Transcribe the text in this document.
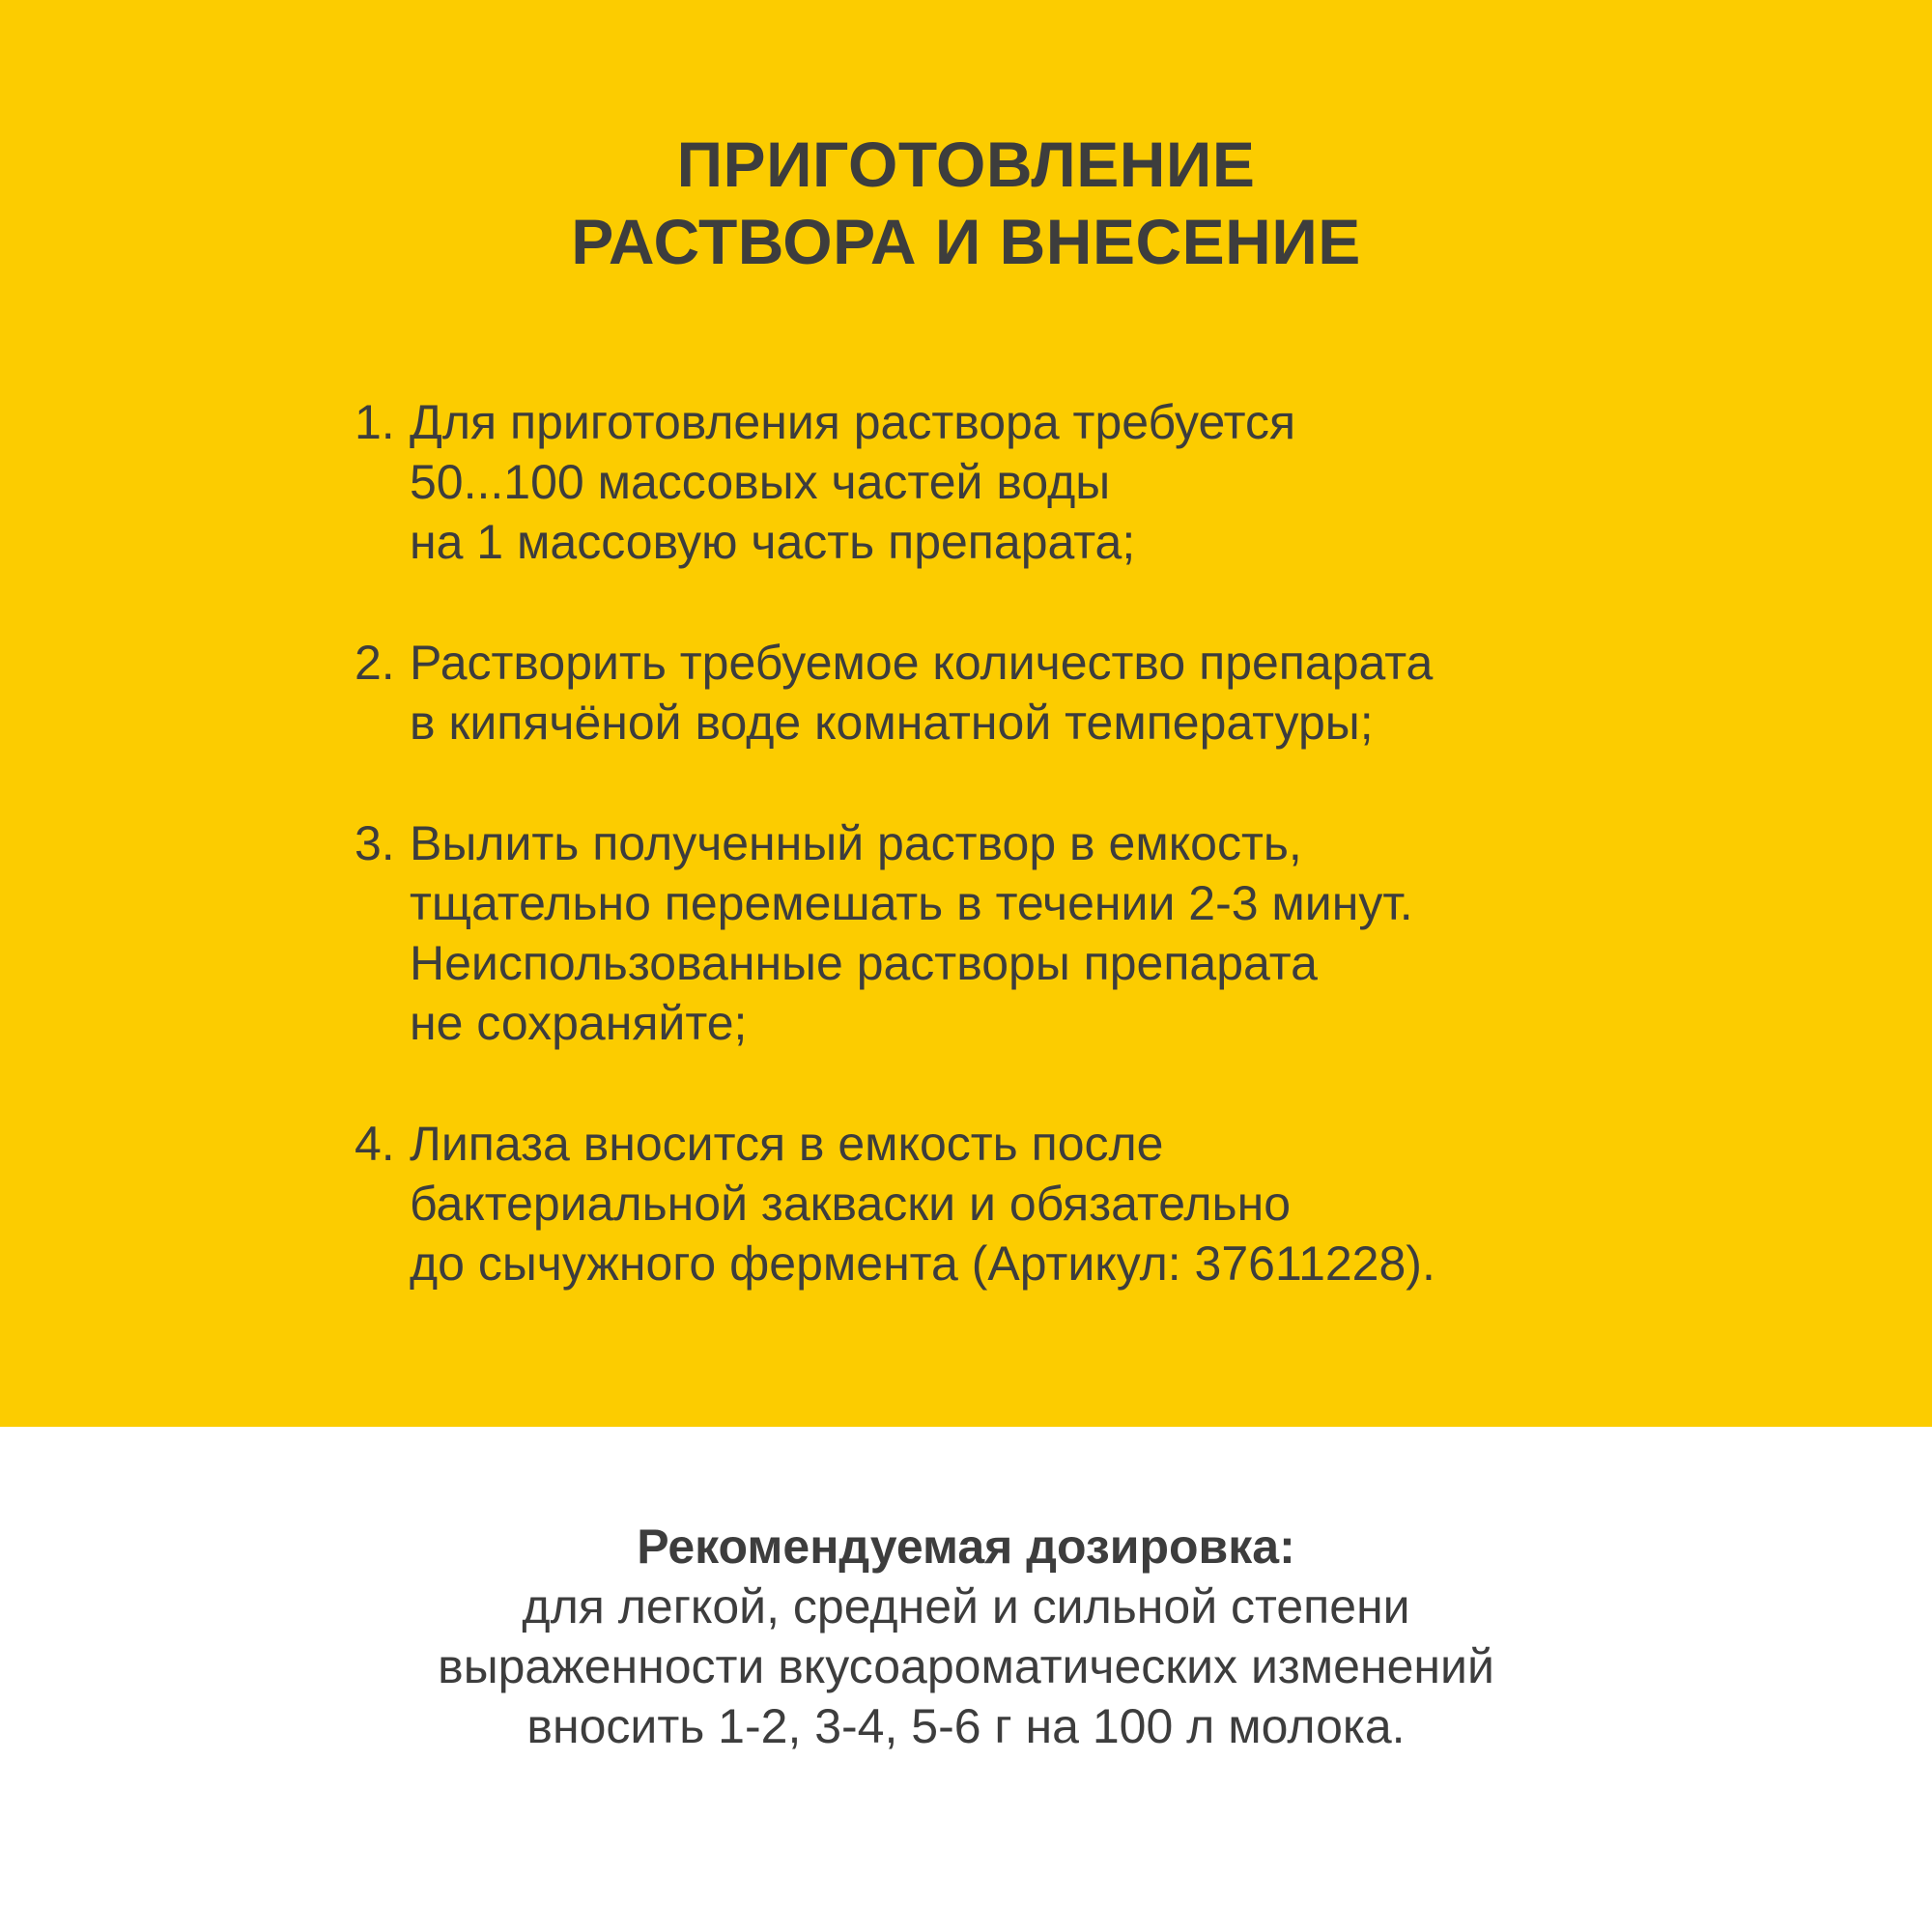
ПРИГОТОВЛЕНИЕ
РАСТВОРА И ВНЕСЕНИЕ
1. Для приготовления раствора требуется
50...100 массовых частей воды
на 1 массовую часть препарата;
2. Растворить требуемое количество препарата
в кипячёной воде комнатной температуры;
3. Вылить полученный раствор в емкость,
тщательно перемешать в течении 2-3 минут.
Неиспользованные растворы препарата
не сохраняйте;
4. Липаза вносится в емкость после
бактериальной закваски и обязательно
до сычужного фермента (Артикул: 37611228).
Рекомендуемая дозировка:
для легкой, средней и сильной степени
выраженности вкусоароматических изменений
вносить 1-2, 3-4, 5-6 г на 100 л молока.
